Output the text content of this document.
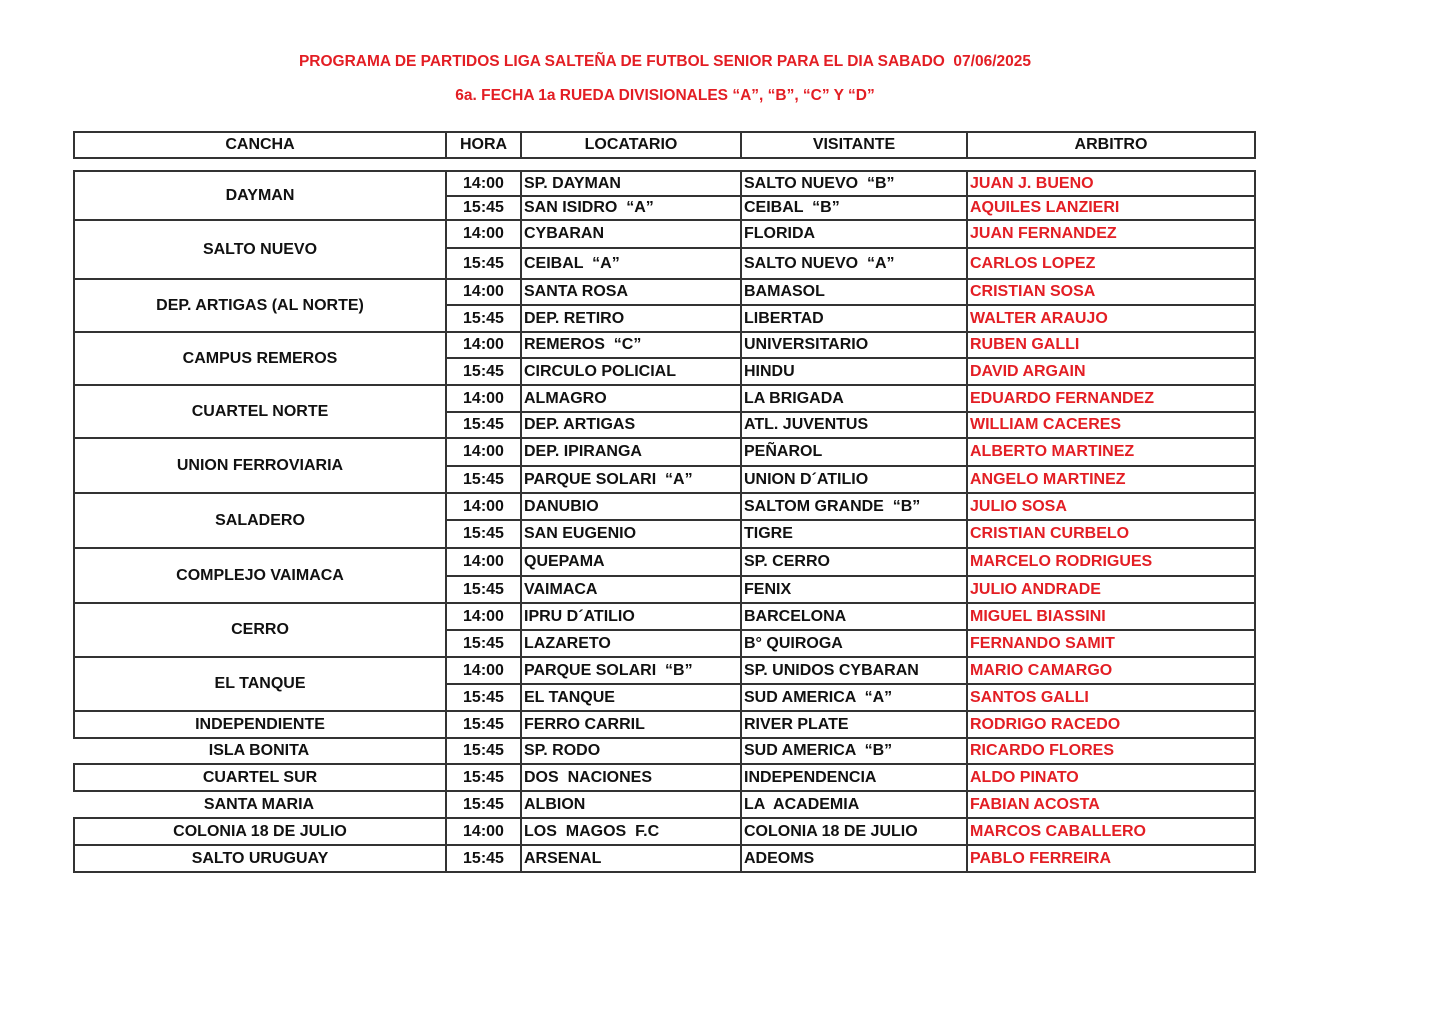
PROGRAMA DE PARTIDOS LIGA SALTEÑA DE FUTBOL SENIOR PARA EL DIA SABADO  07/06/2025
6a. FECHA 1a RUEDA DIVISIONALES “A”, “B”, “C” Y “D”
CANCHA	HORA	LOCATARIO	VISITANTE	ARBITRO
DAYMAN
14:00	SP. DAYMAN	SALTO NUEVO  “B”	JUAN J. BUENO
15:45	SAN ISIDRO  “A”	CEIBAL  “B”	AQUILES LANZIERI
SALTO NUEVO
14:00	CYBARAN	FLORIDA	JUAN FERNANDEZ
15:45	CEIBAL  “A”	SALTO NUEVO  “A”	CARLOS LOPEZ
DEP. ARTIGAS (AL NORTE)
14:00	SANTA ROSA	BAMASOL	CRISTIAN SOSA
15:45	DEP. RETIRO	LIBERTAD	WALTER ARAUJO
CAMPUS REMEROS
14:00	REMEROS  “C”	UNIVERSITARIO	RUBEN GALLI
15:45	CIRCULO POLICIAL	HINDU	DAVID ARGAIN
CUARTEL NORTE
14:00	ALMAGRO	LA BRIGADA	EDUARDO FERNANDEZ
15:45	DEP. ARTIGAS	ATL. JUVENTUS	WILLIAM CACERES
UNION FERROVIARIA
14:00	DEP. IPIRANGA	PEÑAROL	ALBERTO MARTINEZ
15:45	PARQUE SOLARI  “A”	UNION D´ATILIO	ANGELO MARTINEZ
SALADERO
14:00	DANUBIO	SALTOM GRANDE  “B”	JULIO SOSA
15:45	SAN EUGENIO	TIGRE	CRISTIAN CURBELO
COMPLEJO VAIMACA
14:00	QUEPAMA	SP. CERRO	MARCELO RODRIGUES
15:45	VAIMACA	FENIX	JULIO ANDRADE
CERRO
14:00	IPRU D´ATILIO	BARCELONA	MIGUEL BIASSINI
15:45	LAZARETO	B° QUIROGA	FERNANDO SAMIT
EL TANQUE
14:00	PARQUE SOLARI  “B”	SP. UNIDOS CYBARAN	MARIO CAMARGO
15:45	EL TANQUE	SUD AMERICA  “A”	SANTOS GALLI
INDEPENDIENTE	15:45	FERRO CARRIL	RIVER PLATE	RODRIGO RACEDO
ISLA BONITA	15:45	SP. RODO	SUD AMERICA  “B”	RICARDO FLORES
CUARTEL SUR	15:45	DOS  NACIONES	INDEPENDENCIA	ALDO PINATO
SANTA MARIA	15:45	ALBION	LA  ACADEMIA	FABIAN ACOSTA
COLONIA 18 DE JULIO	14:00	LOS  MAGOS  F.C	COLONIA 18 DE JULIO	MARCOS CABALLERO
SALTO URUGUAY	15:45	ARSENAL	ADEOMS	PABLO FERREIRA
